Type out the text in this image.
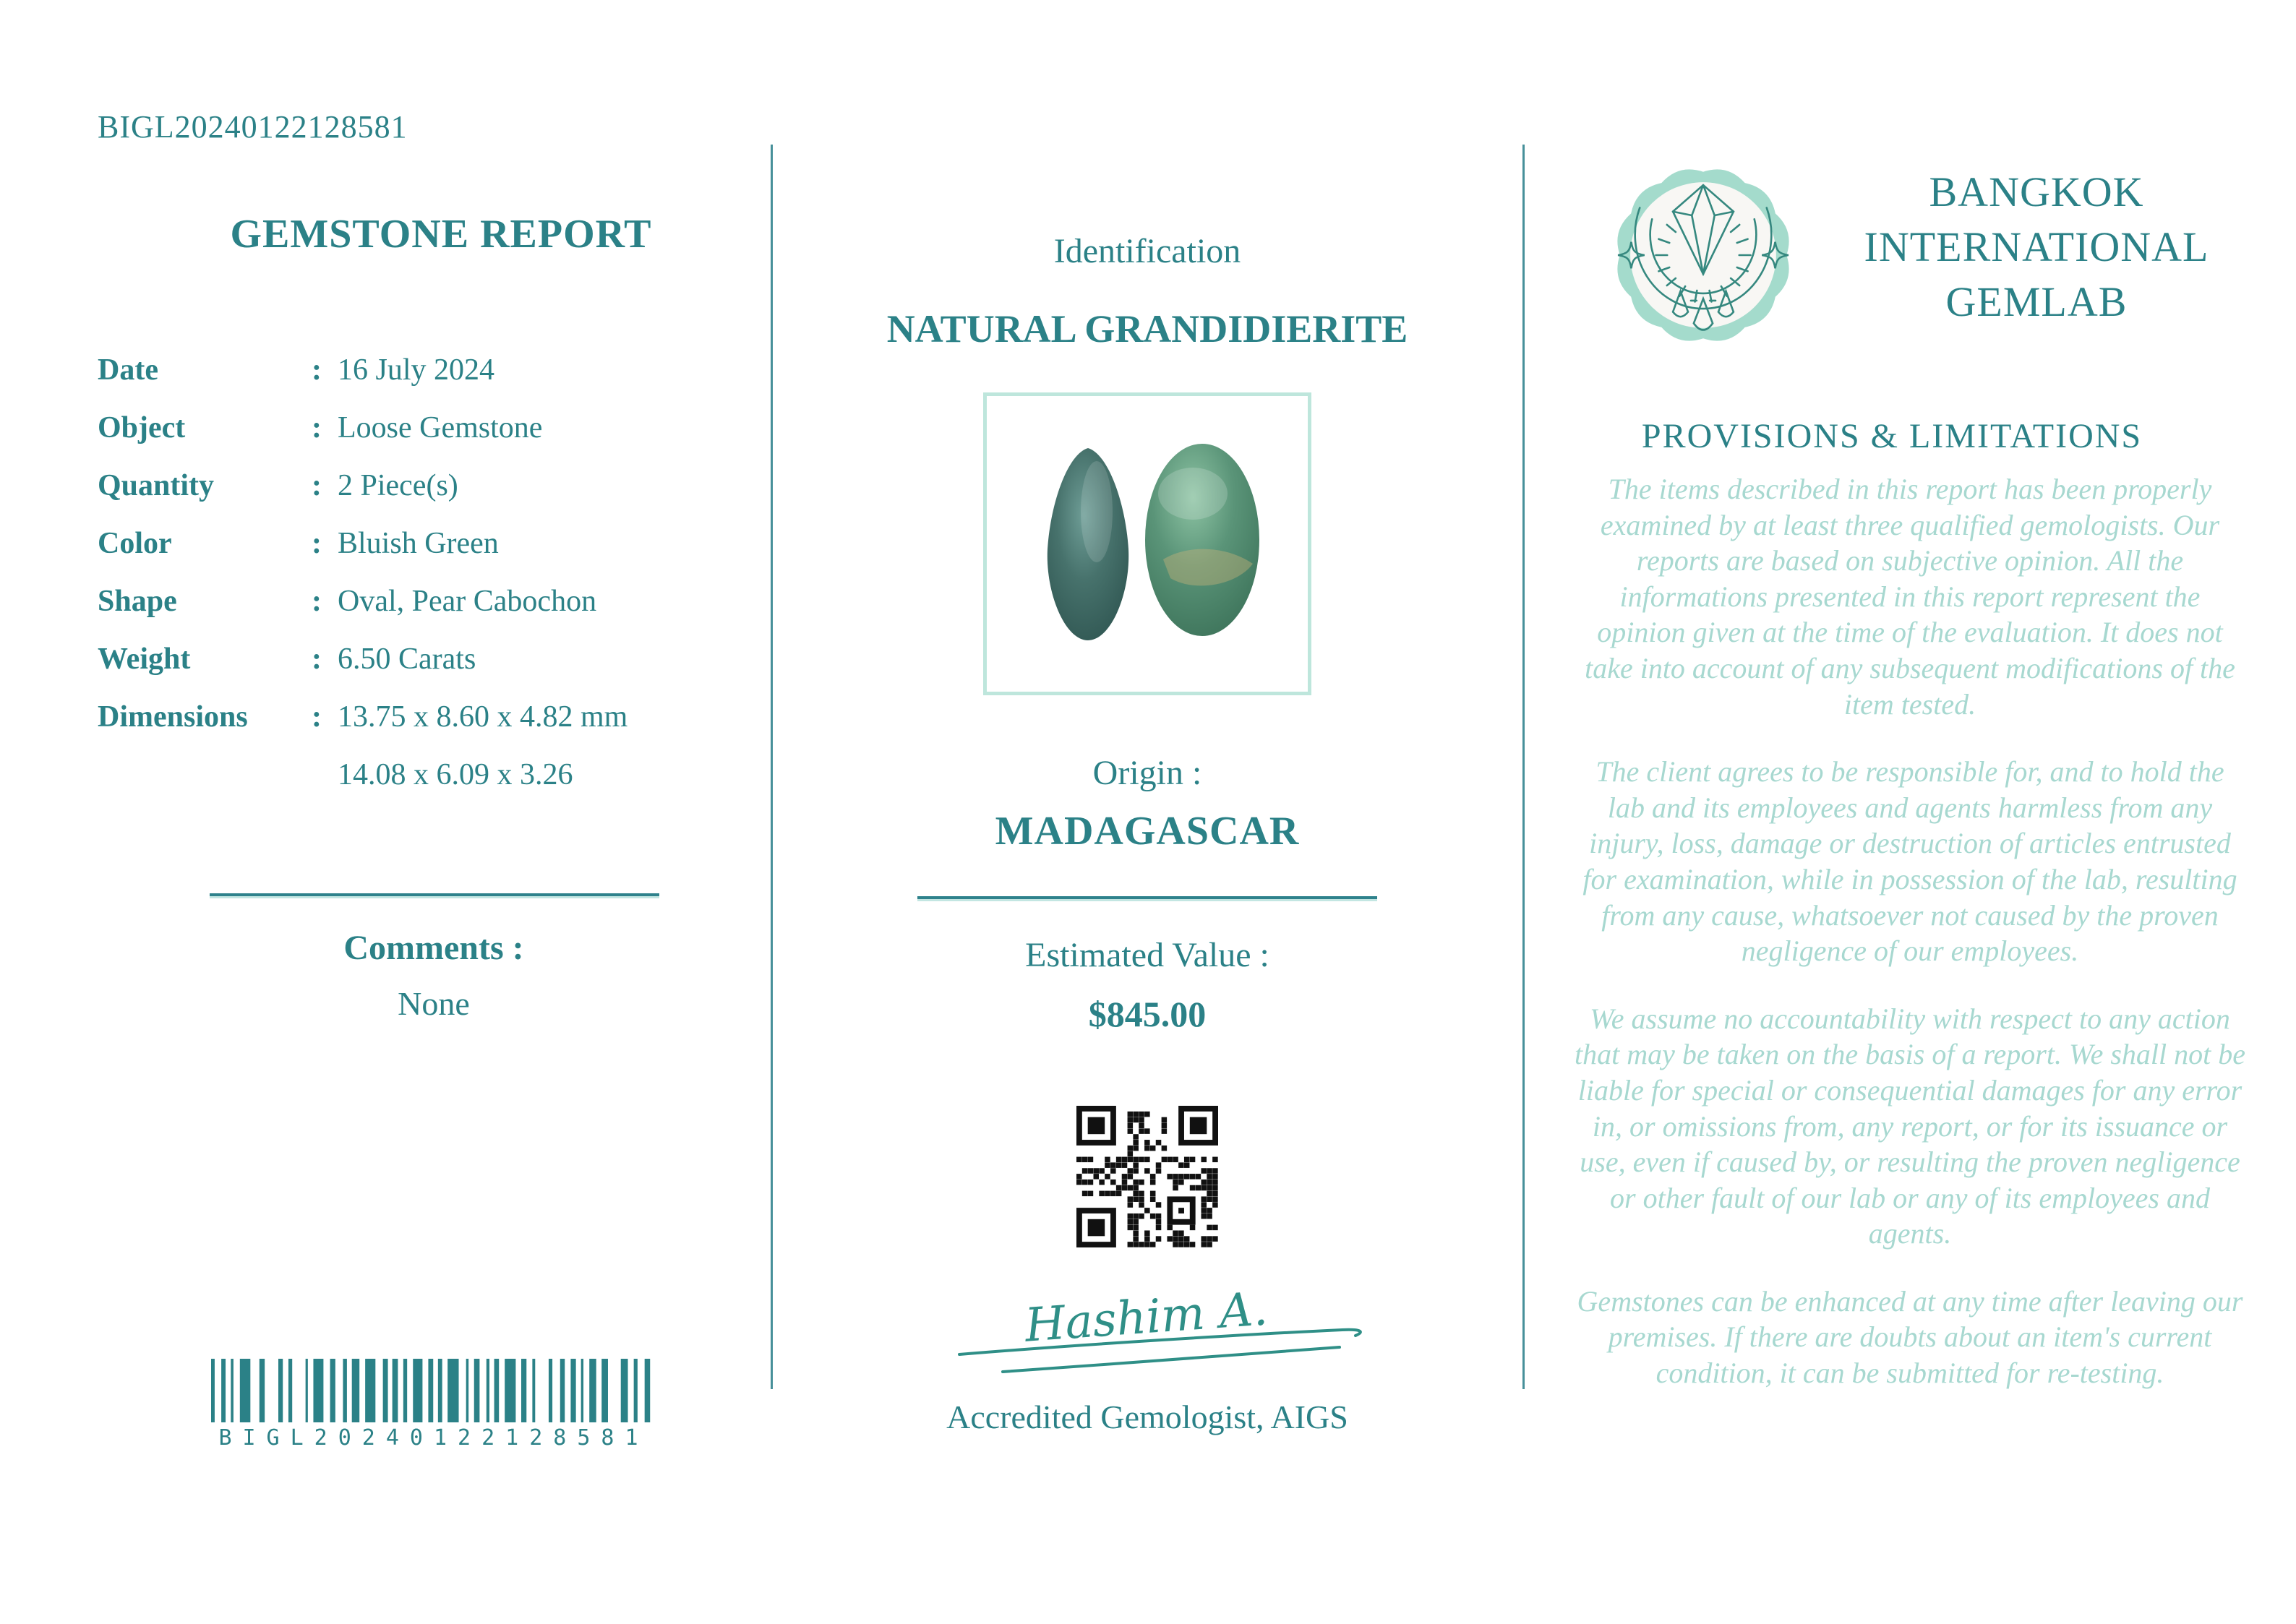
BIGL20240122128581
GEMSTONE REPORT
Date	: 16 July 2024
Object	: Loose Gemstone
Quantity	: 2 Piece(s)
Color	: Bluish Green
Shape	: Oval, Pear Cabochon
Weight	: 6.50 Carats
Dimensions	: 13.75 x 8.60 x 4.82 mm
14.08 x 6.09 x 3.26
Comments :
None
BIGL20240122128581
Identification
NATURAL GRANDIDIERITE
Origin :
MADAGASCAR
Estimated Value :
$845.00
Hashim A.
Accredited Gemologist, AIGS
BANGKOK
INTERNATIONAL
GEMLAB
PROVISIONS & LIMITATIONS

The items described in this report has been properly examined by at least three qualified gemologists. Our reports are based on subjective opinion. All the informations presented in this report represent the opinion given at the time of the evaluation. It does not take into account of any subsequent modifications of the item tested.

The client agrees to be responsible for, and to hold the lab and its employees and agents harmless from any injury, loss, damage or destruction of articles entrusted for examination, while in possession of the lab, resulting from any cause, whatsoever not caused by the proven negligence of our employees.

We assume no accountability with respect to any action that may be taken on the basis of a report. We shall not be liable for special or consequential damages for any error in, or omissions from, any report, or for its issuance or use, even if caused by, or resulting the proven negligence or other fault of our lab or any of its employees and agents.

Gemstones can be enhanced at any time after leaving our premises. If there are doubts about an item's current condition, it can be submitted for re-testing.
